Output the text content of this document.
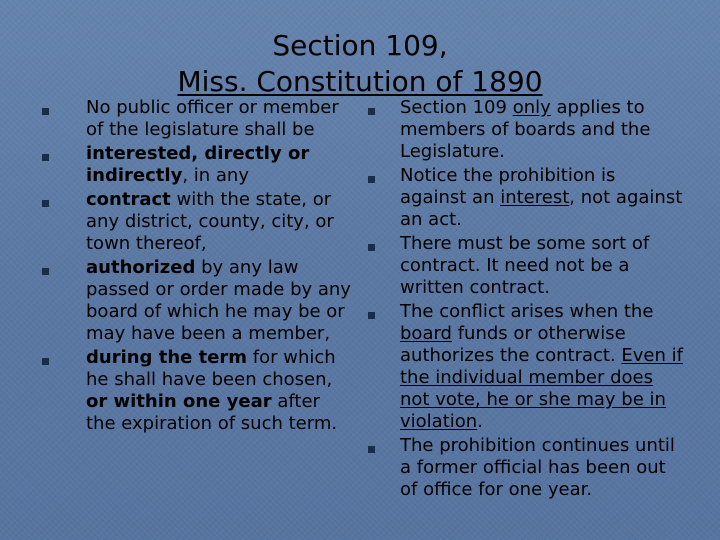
Section 109,
Miss. Constitution of 1890
No public officer or member of the legislature shall be
interested, directly or indirectly, in any
contract with the state, or any district, county, city, or town thereof,
authorized by any law passed or order made by any board of which he may be or may have been a member,
during the term for which he shall have been chosen, or within one year after the expiration of such term.
Section 109 only applies to members of boards and the Legislature.
Notice the prohibition is against an interest, not against an act.
There must be some sort of contract. It need not be a written contract.
The conflict arises when the board funds or otherwise authorizes the contract. Even if the individual member does not vote, he or she may be in violation.
The prohibition continues until a former official has been out of office for one year.
